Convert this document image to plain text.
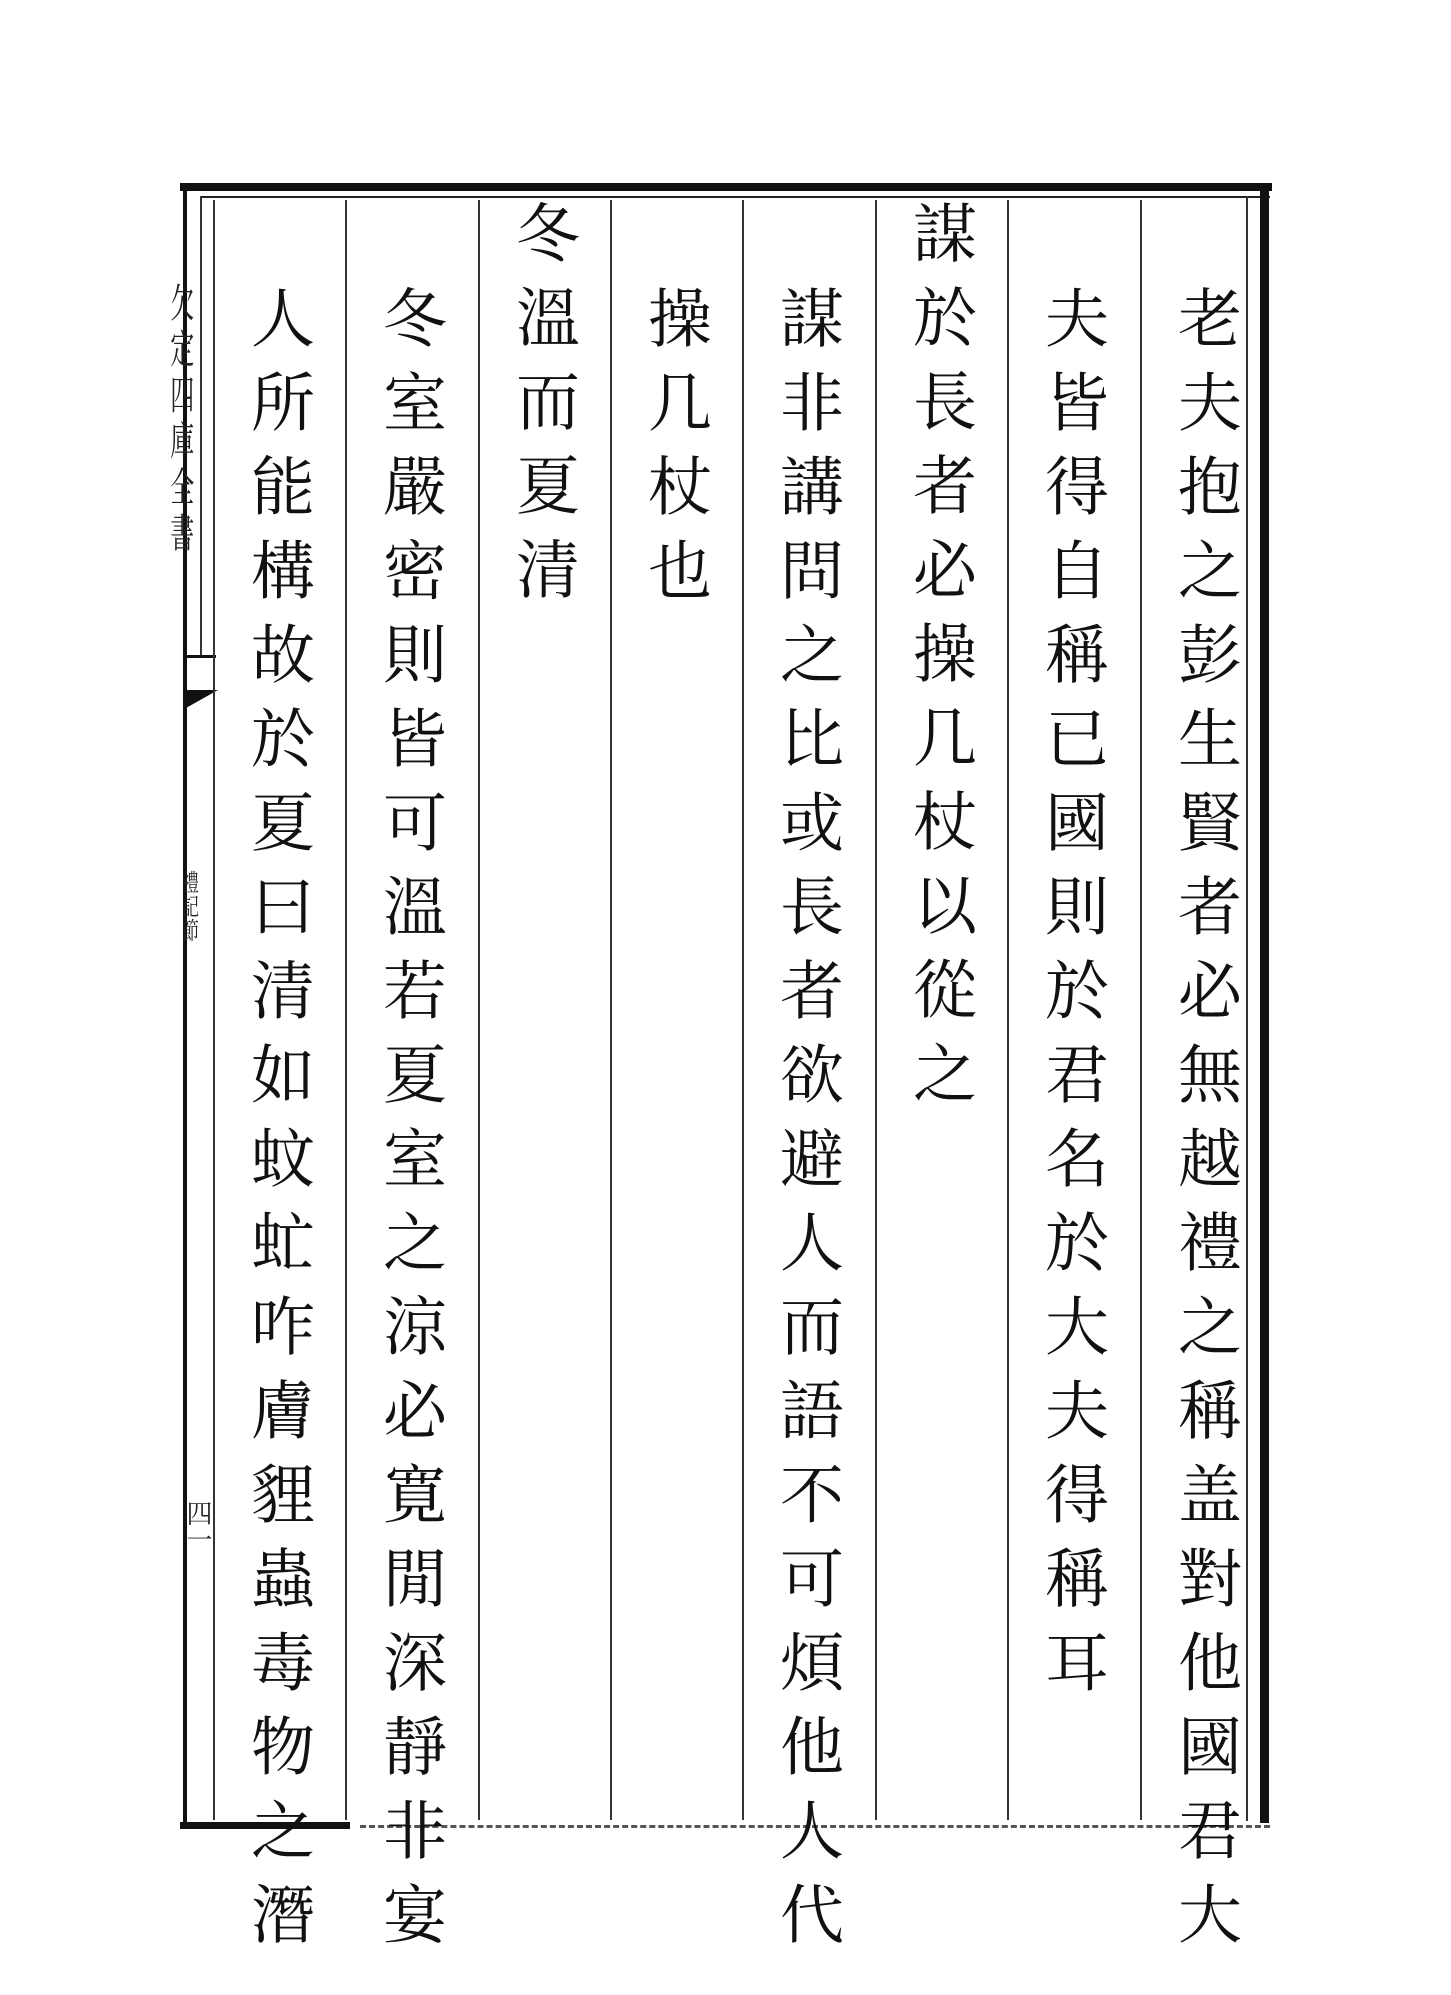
欠定四庫全書
禮記節
四一	老夫抱之彭生賢者必無越禮之稱盖對他國君大
夫皆得自稱已國則於君名於大夫得稱耳
謀於長者必操几杖以從之
謀非講問之比或長者欲避人而語不可煩他人代
操几杖也
冬溫而夏清
冬室嚴密則皆可溫若夏室之涼必寛閒深靜非宴
人所能構故於夏曰清如蚊虻咋膚貍蟲毒物之潛
